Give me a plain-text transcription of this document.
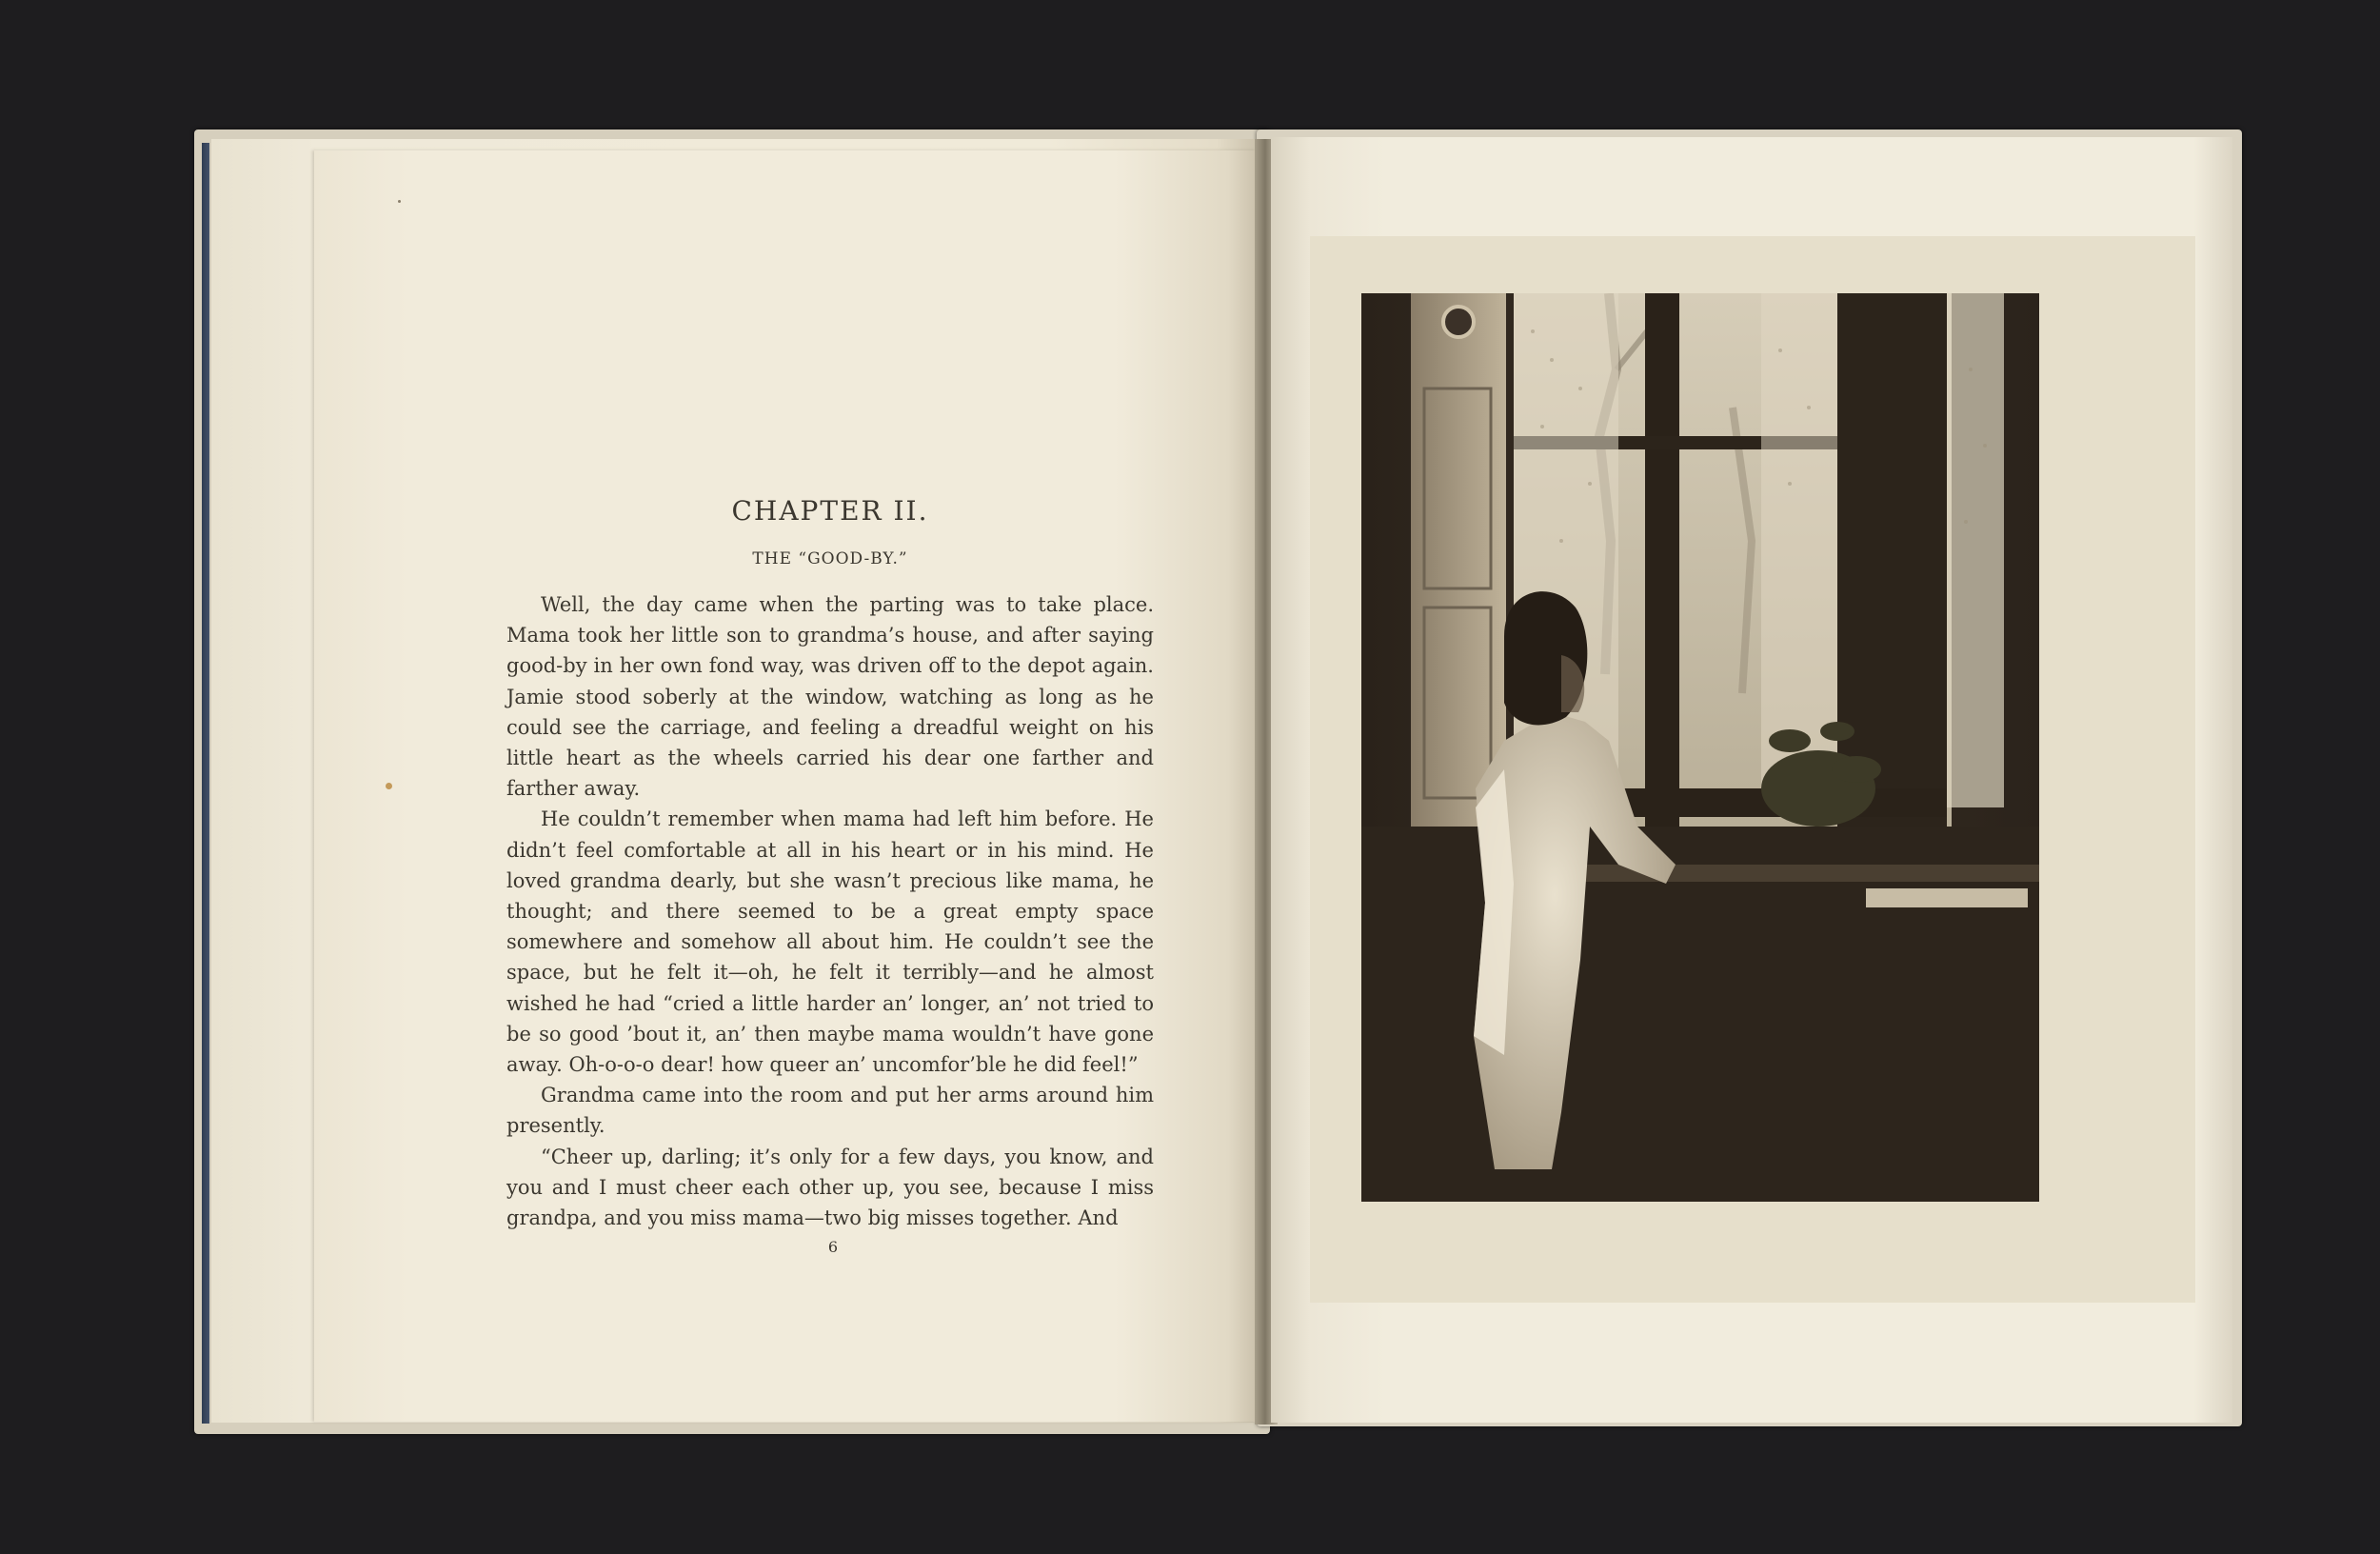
CHAPTER II.
THE “GOOD-BY.”

Well, the day came when the parting was to take place. Mama took her little son to grandma’s house, and after saying good-by in her own fond way, was driven off to the depot again. Jamie stood soberly at the window, watching as long as he could see the carriage, and feeling a dreadful weight on his little heart as the wheels carried his dear one farther and farther away.

He couldn’t remember when mama had left him before. He didn’t feel comfortable at all in his heart or in his mind. He loved grandma dearly, but she wasn’t precious like mama, he thought; and there seemed to be a great empty space somewhere and somehow all about him. He couldn’t see the space, but he felt it—oh, he felt it terribly—and he almost wished he had “cried a little harder an’ longer, an’ not tried to be so good ’bout it, an’ then maybe mama wouldn’t have gone away. Oh-o-o-o dear! how queer an’ uncomfor’ble he did feel!”

Grandma came into the room and put her arms around him presently.

“Cheer up, darling; it’s only for a few days, you know, and you and I must cheer each other up, you see, because I miss grandpa, and you miss mama—two big misses together. And

6
